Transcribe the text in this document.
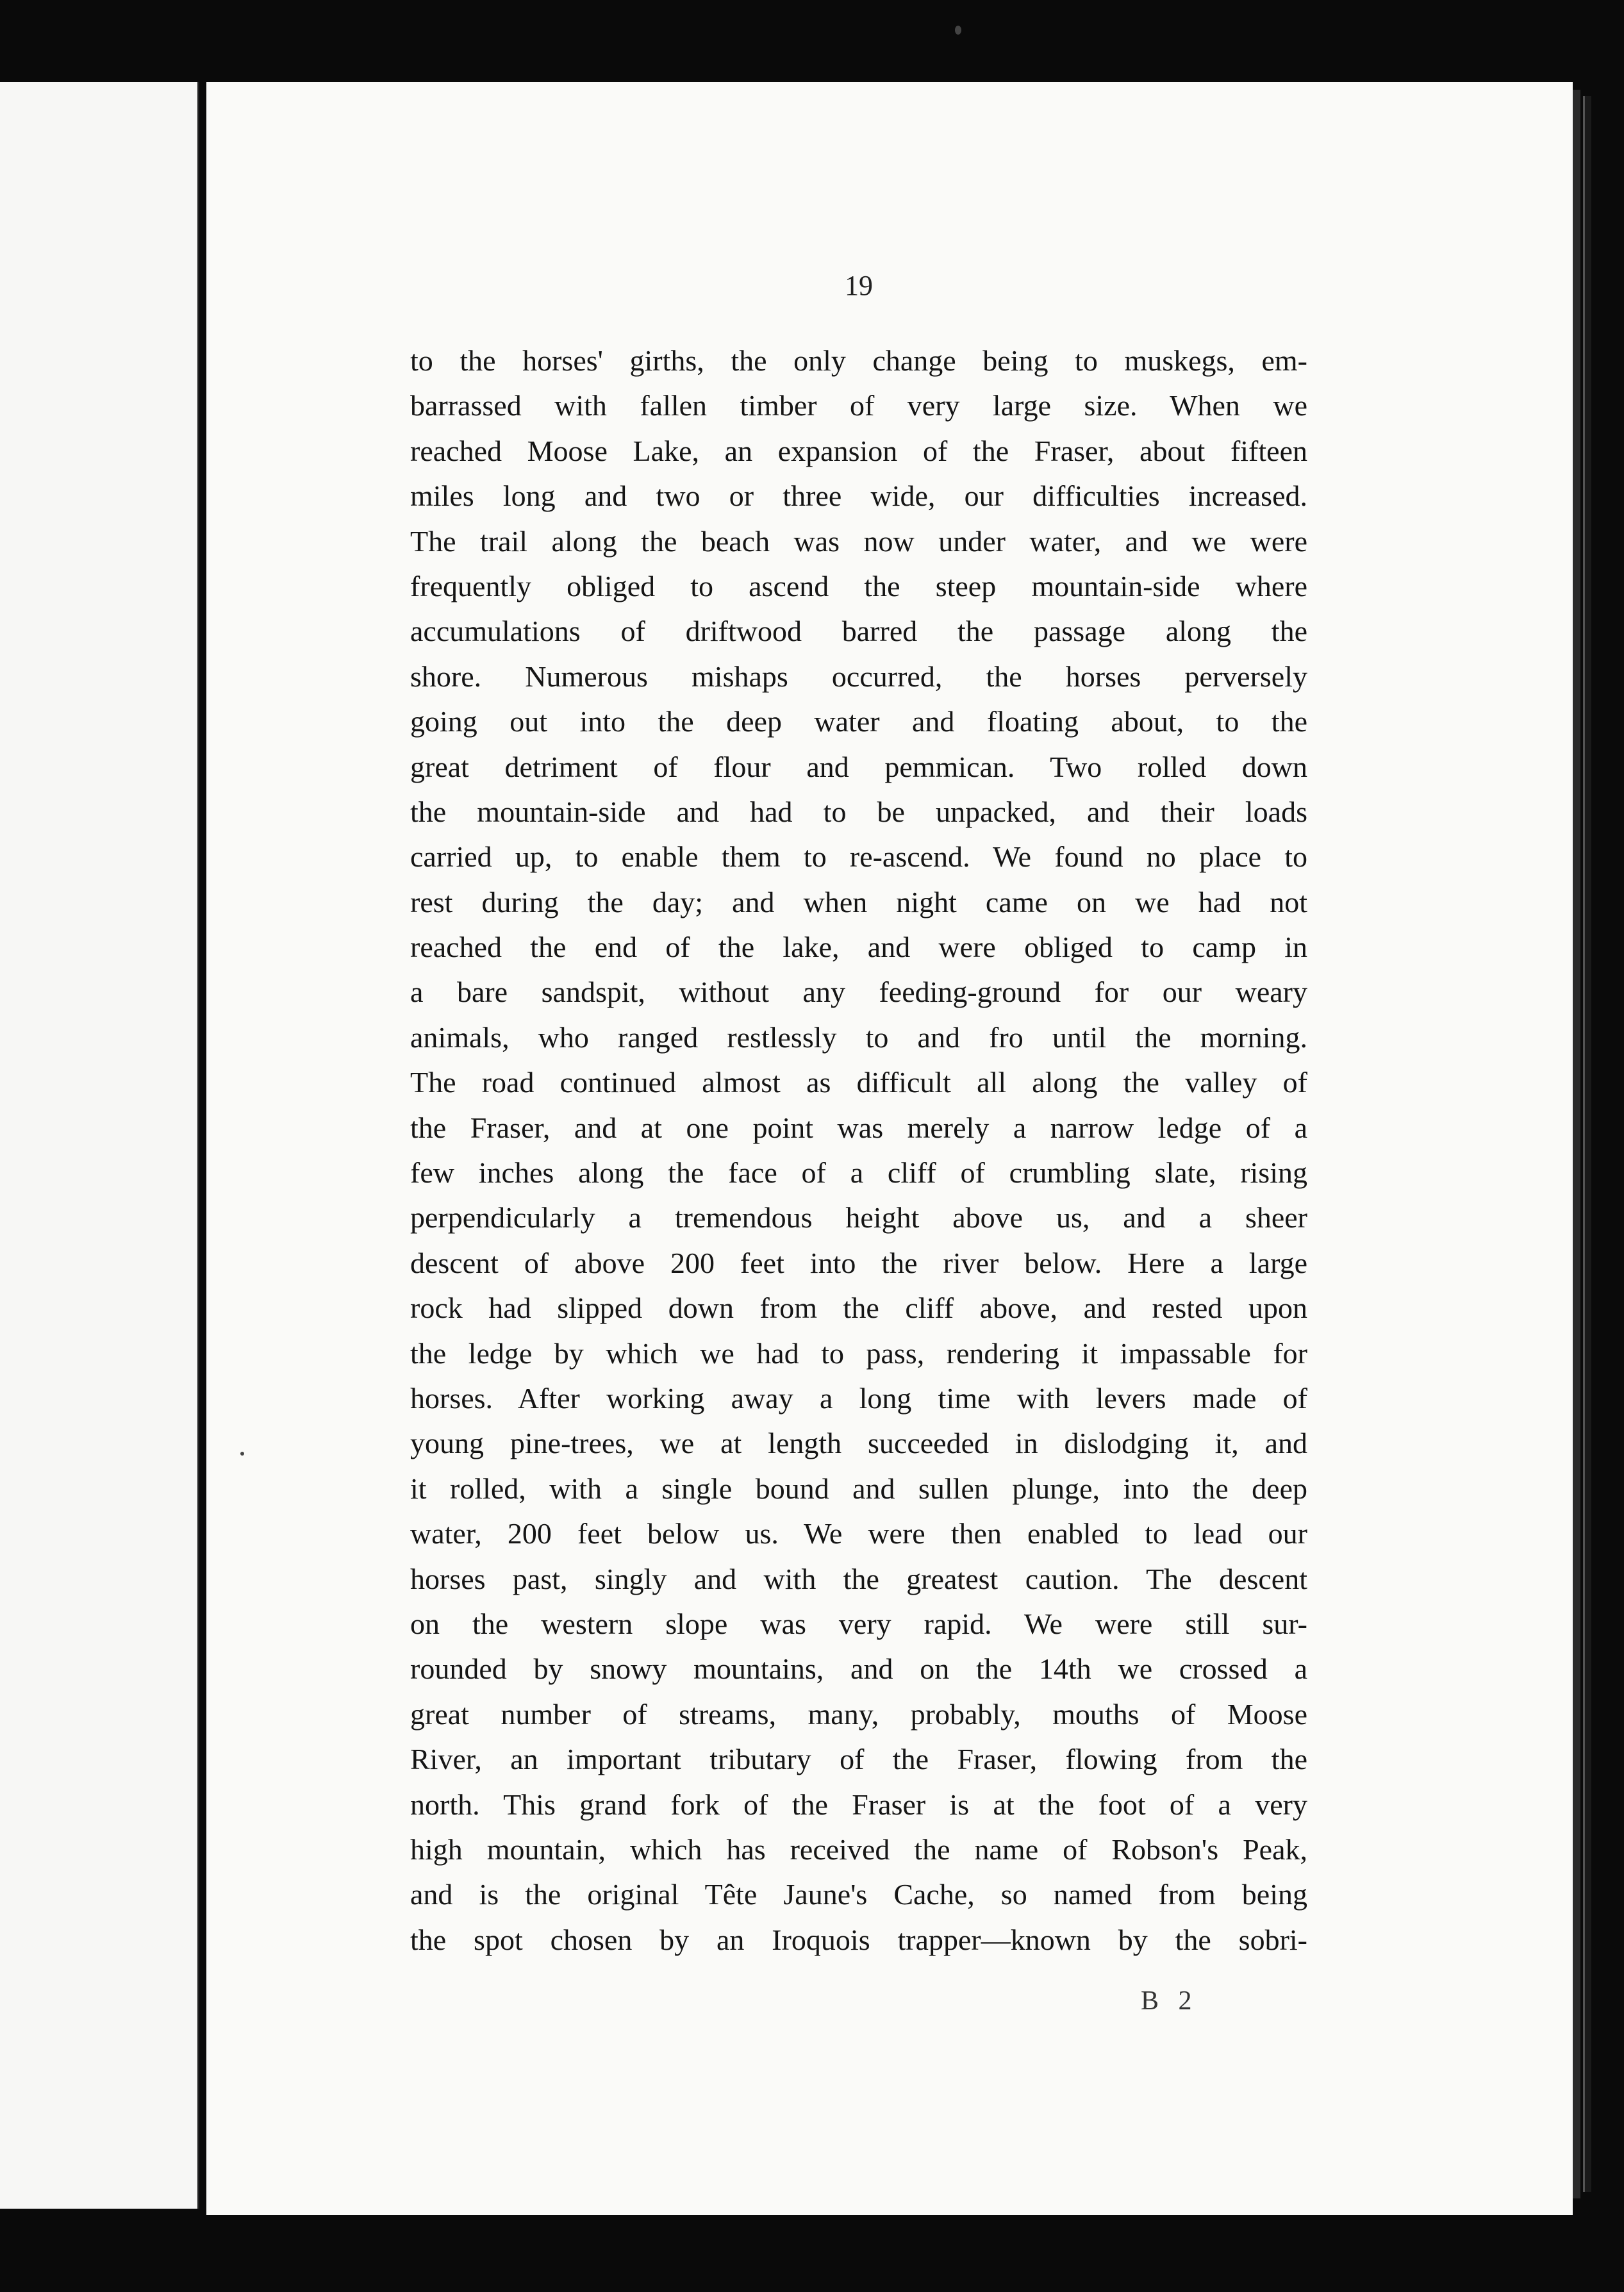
19
to the horses' girths, the only change being to muskegs, em-
barrassed with fallen timber of very large size. When we
reached Moose Lake, an expansion of the Fraser, about fifteen
miles long and two or three wide, our difficulties increased.
The trail along the beach was now under water, and we were
frequently obliged to ascend the steep mountain-side where
accumulations of driftwood barred the passage along the
shore. Numerous mishaps occurred, the horses perversely
going out into the deep water and floating about, to the
great detriment of flour and pemmican. Two rolled down
the mountain-side and had to be unpacked, and their loads
carried up, to enable them to re-ascend. We found no place to
rest during the day; and when night came on we had not
reached the end of the lake, and were obliged to camp in
a bare sandspit, without any feeding-ground for our weary
animals, who ranged restlessly to and fro until the morning.
The road continued almost as difficult all along the valley of
the Fraser, and at one point was merely a narrow ledge of a
few inches along the face of a cliff of crumbling slate, rising
perpendicularly a tremendous height above us, and a sheer
descent of above 200 feet into the river below. Here a large
rock had slipped down from the cliff above, and rested upon
the ledge by which we had to pass, rendering it impassable for
horses. After working away a long time with levers made of
young pine-trees, we at length succeeded in dislodging it, and
it rolled, with a single bound and sullen plunge, into the deep
water, 200 feet below us. We were then enabled to lead our
horses past, singly and with the greatest caution. The descent
on the western slope was very rapid. We were still sur-
rounded by snowy mountains, and on the 14th we crossed a
great number of streams, many, probably, mouths of Moose
River, an important tributary of the Fraser, flowing from the
north. This grand fork of the Fraser is at the foot of a very
high mountain, which has received the name of Robson's Peak,
and is the original Tête Jaune's Cache, so named from being
the spot chosen by an Iroquois trapper—known by the sobri-
B 2
